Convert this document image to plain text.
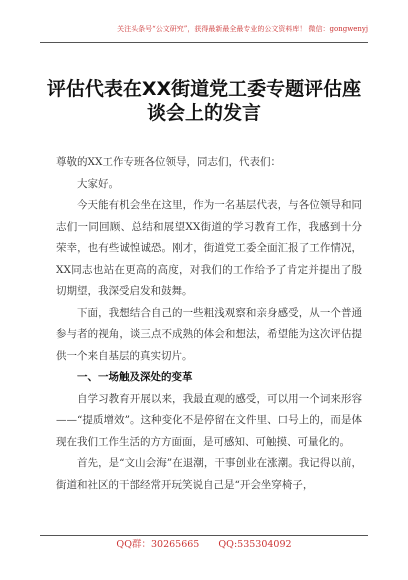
关注头条号“公文研究”，获得最新最全最专业的公文资料库！ 微信：gongwenyj
评估代表在XX街道党工委专题评估座
谈会上的发言

尊敬的XX工作专班各位领导，同志们，代表们：

大家好。

今天能有机会坐在这里，作为一名基层代表，与各位领导和同志们一同回顾、总结和展望XX街道的学习教育工作，我感到十分荣幸，也有些诚惶诚恐。刚才，街道党工委全面汇报了工作情况，XX同志也站在更高的高度，对我们的工作给予了肯定并提出了殷切期望，我深受启发和鼓舞。

下面，我想结合自己的一些粗浅观察和亲身感受，从一个普通参与者的视角，谈三点不成熟的体会和想法，希望能为这次评估提供一个来自基层的真实切片。

一、一场触及深处的变革

自学习教育开展以来，我最直观的感受，可以用一个词来形容——“提质增效”。这种变化不是停留在文件里、口号上的，而是体现在我们工作生活的方方面面，是可感知、可触摸、可量化的。

首先，是“文山会海”在退潮，干事创业在涨潮。我记得以前，街道和社区的干部经常开玩笑说自己是“开会坐穿椅子，

QQ群：30265665 QQ:535304092
